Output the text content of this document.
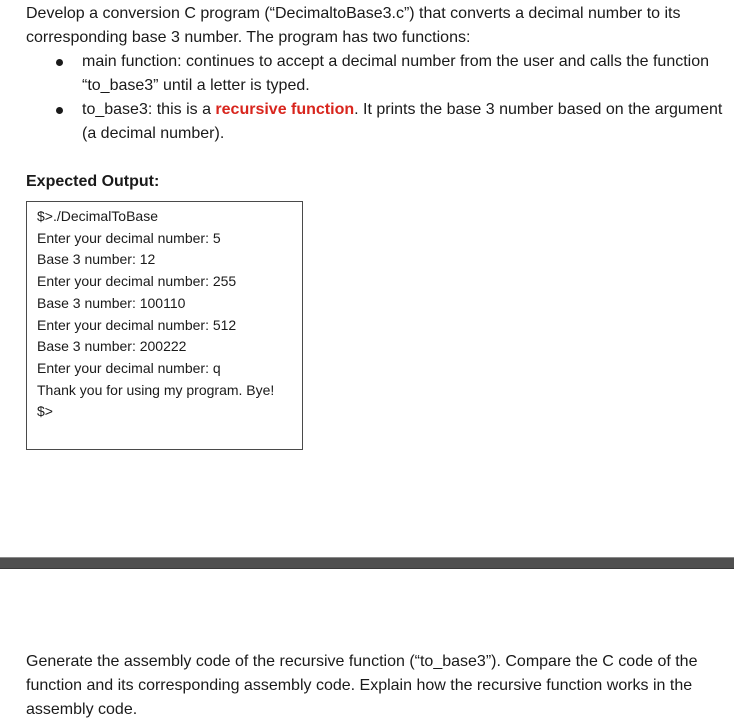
Develop a conversion C program (“DecimaltoBase3.c”) that converts a decimal number to its corresponding base 3 number. The program has two functions:

main function: continues to accept a decimal number from the user and calls the function “to_base3” until a letter is typed.
to_base3: this is a recursive function. It prints the base 3 number based on the argument (a decimal number).
Expected Output:
$>./DecimalToBase
Enter your decimal number: 5
Base 3 number: 12
Enter your decimal number: 255
Base 3 number: 100110
Enter your decimal number: 512
Base 3 number: 200222
Enter your decimal number: q
Thank you for using my program. Bye!
$>

Generate the assembly code of the recursive function (“to_base3”). Compare the C code of the function and its corresponding assembly code. Explain how the recursive function works in the assembly code.
